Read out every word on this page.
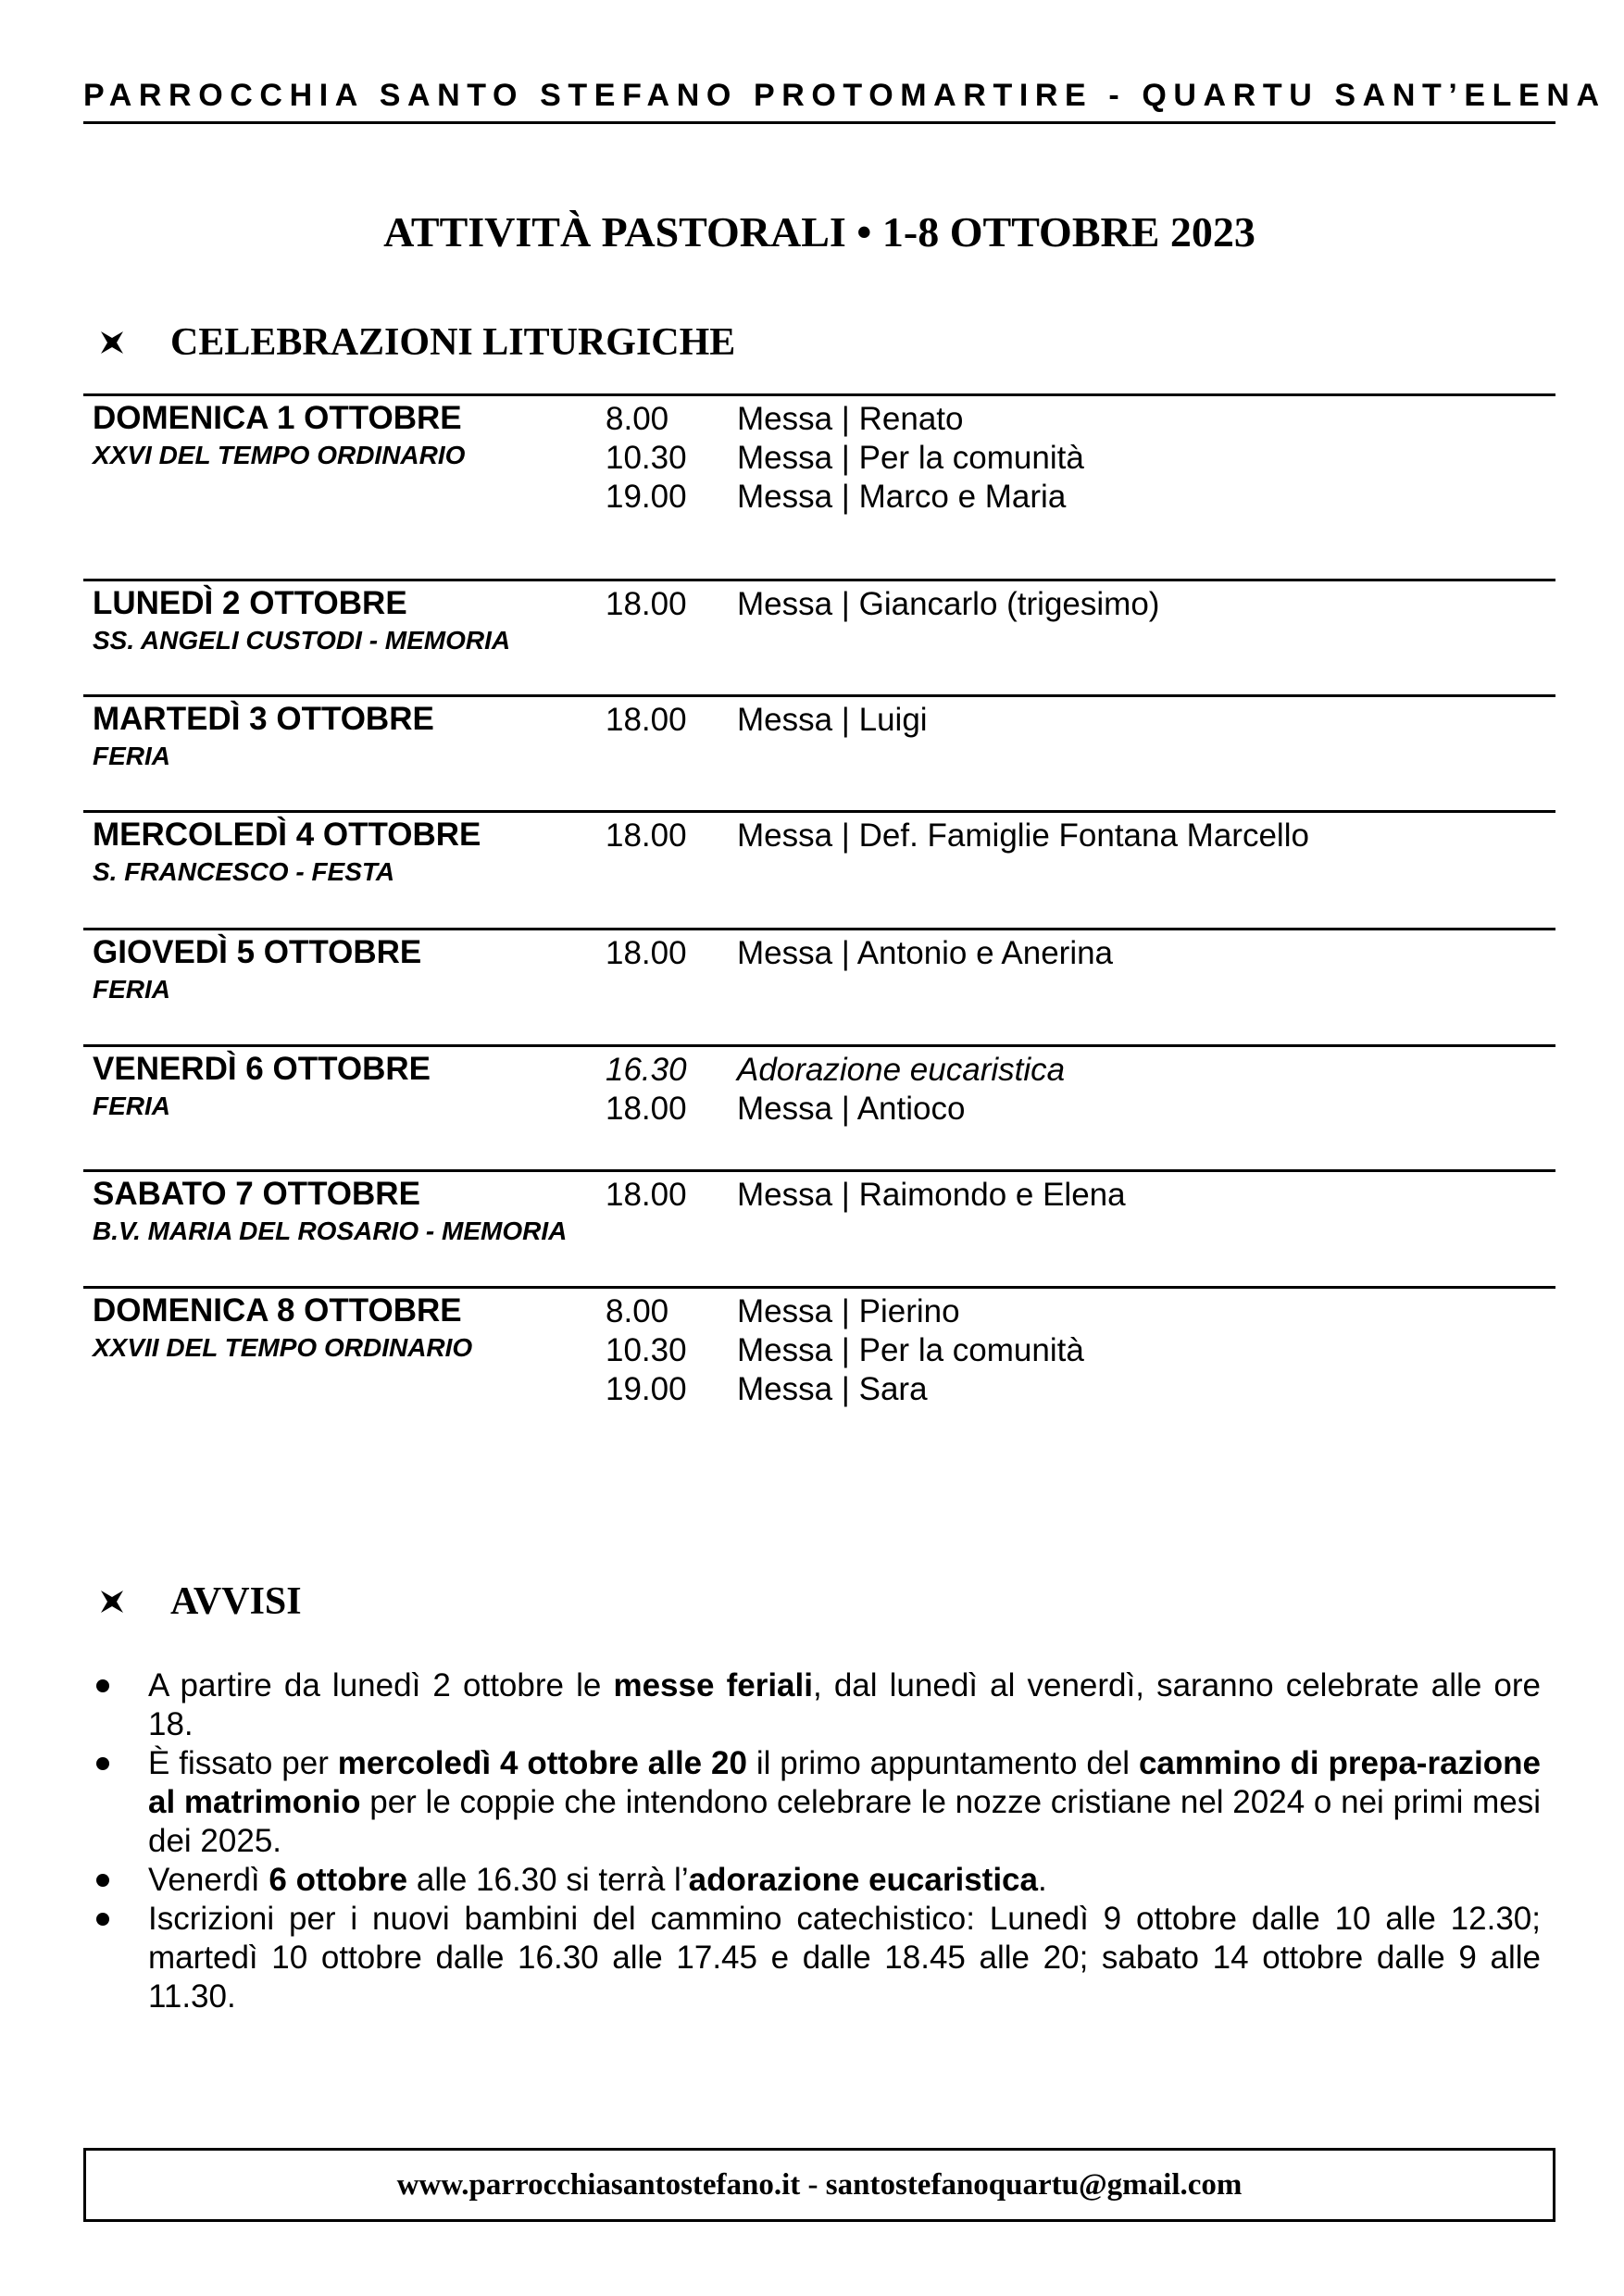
PARROCCHIA SANTO STEFANO PROTOMARTIRE - QUARTU SANT’ELENA
ATTIVITÀ PASTORALI • 1-8 OTTOBRE 2023
CELEBRAZIONI LITURGICHE
DOMENICA 1 OTTOBRE
XXVI DEL TEMPO ORDINARIO
8.00 Messa | Renato
10.30 Messa | Per la comunità
19.00 Messa | Marco e Maria
LUNEDÌ 2 OTTOBRE
SS. ANGELI CUSTODI - MEMORIA
18.00 Messa | Giancarlo (trigesimo)
MARTEDÌ 3 OTTOBRE
FERIA
18.00 Messa | Luigi
MERCOLEDÌ 4 OTTOBRE
S. FRANCESCO - FESTA
18.00 Messa | Def. Famiglie Fontana Marcello
GIOVEDÌ 5 OTTOBRE
FERIA
18.00 Messa | Antonio e Anerina
VENERDÌ 6 OTTOBRE
FERIA
16.30 Adorazione eucaristica
18.00 Messa | Antioco
SABATO 7 OTTOBRE
B.V. MARIA DEL ROSARIO - MEMORIA
18.00 Messa | Raimondo e Elena
DOMENICA 8 OTTOBRE
XXVII DEL TEMPO ORDINARIO
8.00 Messa | Pierino
10.30 Messa | Per la comunità
19.00 Messa | Sara
AVVISI
A partire da lunedì 2 ottobre le messe feriali, dal lunedì al venerdì, saranno celebrate alle ore 18.
È fissato per mercoledì 4 ottobre alle 20 il primo appuntamento del cammino di prepa-razione al matrimonio per le coppie che intendono celebrare le nozze cristiane nel 2024 o nei primi mesi dei 2025.
Venerdì 6 ottobre alle 16.30 si terrà l’adorazione eucaristica.
Iscrizioni per i nuovi bambini del cammino catechistico: Lunedì 9 ottobre dalle 10 alle 12.30; martedì 10 ottobre dalle 16.30 alle 17.45 e dalle 18.45 alle 20; sabato 14 ottobre dalle 9 alle 11.30.
www.parrocchiasantostefano.it - santostefanoquartu@gmail.com
